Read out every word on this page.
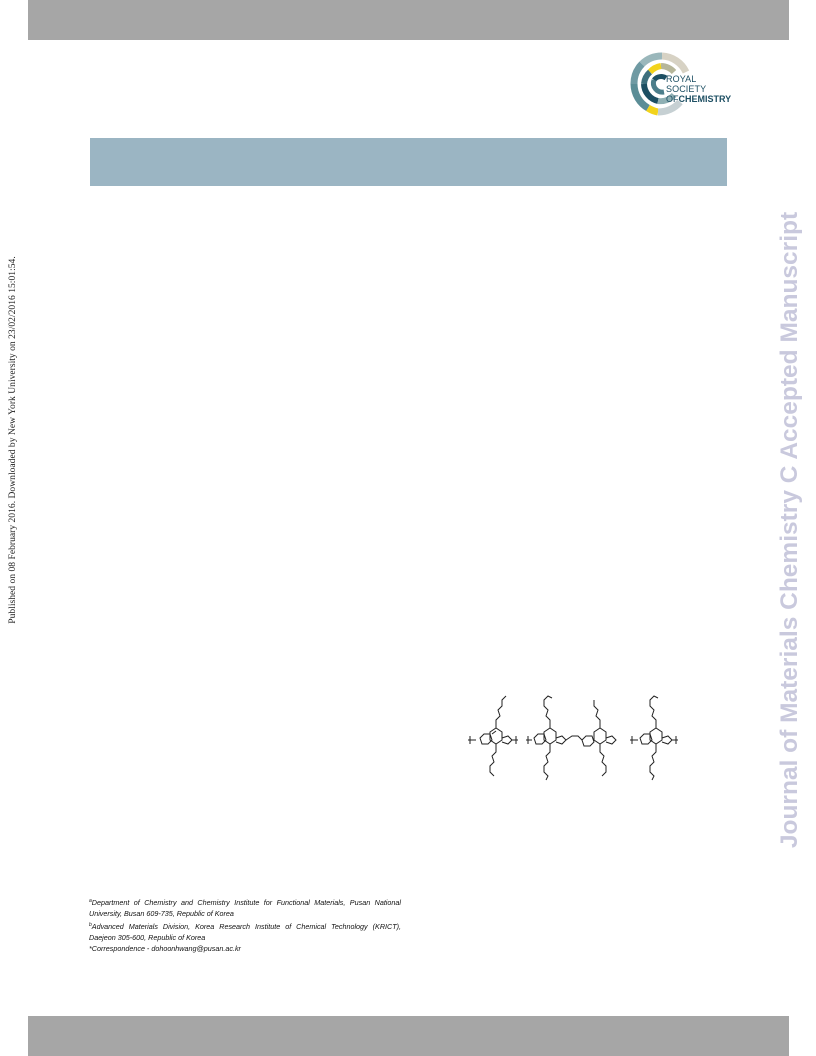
ROYAL SOCIETY
OFCHEMISTRY
Published on 08 February 2016. Downloaded by New York University on 23/02/2016 15:01:54.	Journal of Materials Chemistry C Accepted Manuscript
$^a$Department of Chemistry and Chemistry Institute for Functional Materials, Pusan National University, Busan 609-735, Republic of Korea
$^b$Advanced Materials Division, Korea Research Institute of Chemical Technology (KRICT), Daejeon 305-600, Republic of Korea
*Correspondence - dohoonhwang@pusan.ac.kr
